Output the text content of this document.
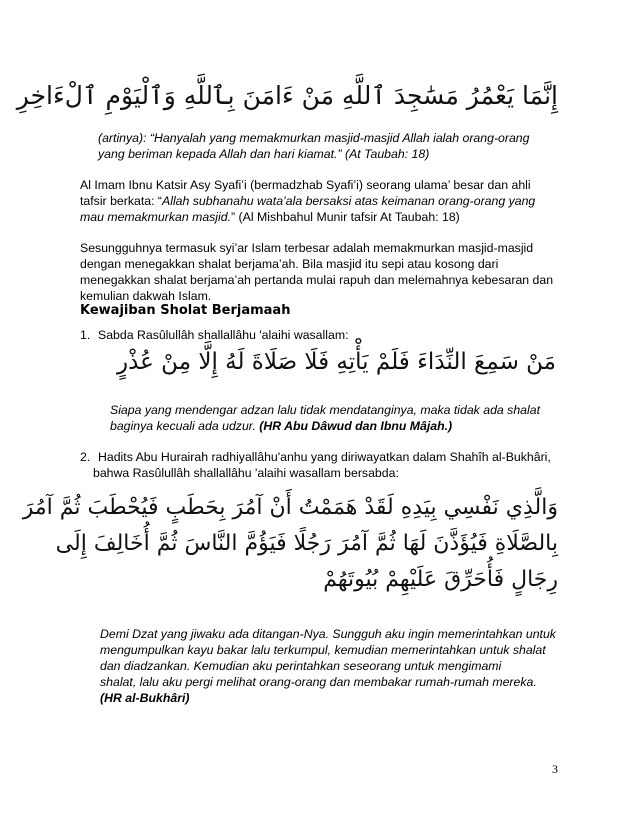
إِنَّمَا يَعْمُرُ مَسَٰجِدَ ٱللَّهِ مَنْ ءَامَنَ بِٱللَّهِ وَٱلْيَوْمِ ٱلْءَاخِرِ
(artinya): “Hanyalah yang memakmurkan masjid-masjid Allah ialah orang-orang
yang beriman kepada Allah dan hari kiamat.” (At Taubah: 18)
Al Imam Ibnu Katsir Asy Syafi’i (bermadzhab Syafi’i) seorang ulama’ besar dan ahli
tafsir berkata: “Allah subhanahu wata’ala bersaksi atas keimanan orang-orang yang
mau memakmurkan masjid.” (Al Mishbahul Munir tafsir At Taubah: 18)
Sesungguhnya termasuk syi’ar Islam terbesar adalah memakmurkan masjid-masjid
dengan menegakkan shalat berjama’ah. Bila masjid itu sepi atau kosong dari
menegakkan shalat berjama’ah pertanda mulai rapuh dan melemahnya kebesaran dan
kemulian dakwah Islam.
Kewajiban Sholat Berjamaah
1. Sabda Rasûlullâh shallallâhu 'alaihi wasallam:
مَنْ سَمِعَ النِّدَاءَ فَلَمْ يَأْتِهِ فَلَا صَلَاةَ لَهُ إِلَّا مِنْ عُذْرٍ
Siapa yang mendengar adzan lalu tidak mendatanginya, maka tidak ada shalat
baginya kecuali ada udzur. (HR Abu Dâwud dan Ibnu Mâjah.)
2. Hadits Abu Hurairah radhiyallâhu'anhu yang diriwayatkan dalam Shahîh al-Bukhâri,
bahwa Rasûlullâh shallallâhu 'alaihi wasallam bersabda:
وَالَّذِي نَفْسِي بِيَدِهِ لَقَدْ هَمَمْتُ أَنْ آمُرَ بِحَطَبٍ فَيُحْطَبَ ثُمَّ آمُرَ
بِالصَّلَاةِ فَيُؤَذَّنَ لَهَا ثُمَّ آمُرَ رَجُلًا فَيَؤُمَّ النَّاسَ ثُمَّ أُخَالِفَ إِلَى
رِجَالٍ فَأُحَرِّقَ عَلَيْهِمْ بُيُوتَهُمْ
Demi Dzat yang jiwaku ada ditangan-Nya. Sungguh aku ingin memerintahkan untuk
mengumpulkan kayu bakar lalu terkumpul, kemudian memerintahkan untuk shalat
dan diadzankan. Kemudian aku perintahkan seseorang untuk mengimami
shalat, lalu aku pergi melihat orang-orang dan membakar rumah-rumah mereka.
(HR al-Bukhâri)
3
